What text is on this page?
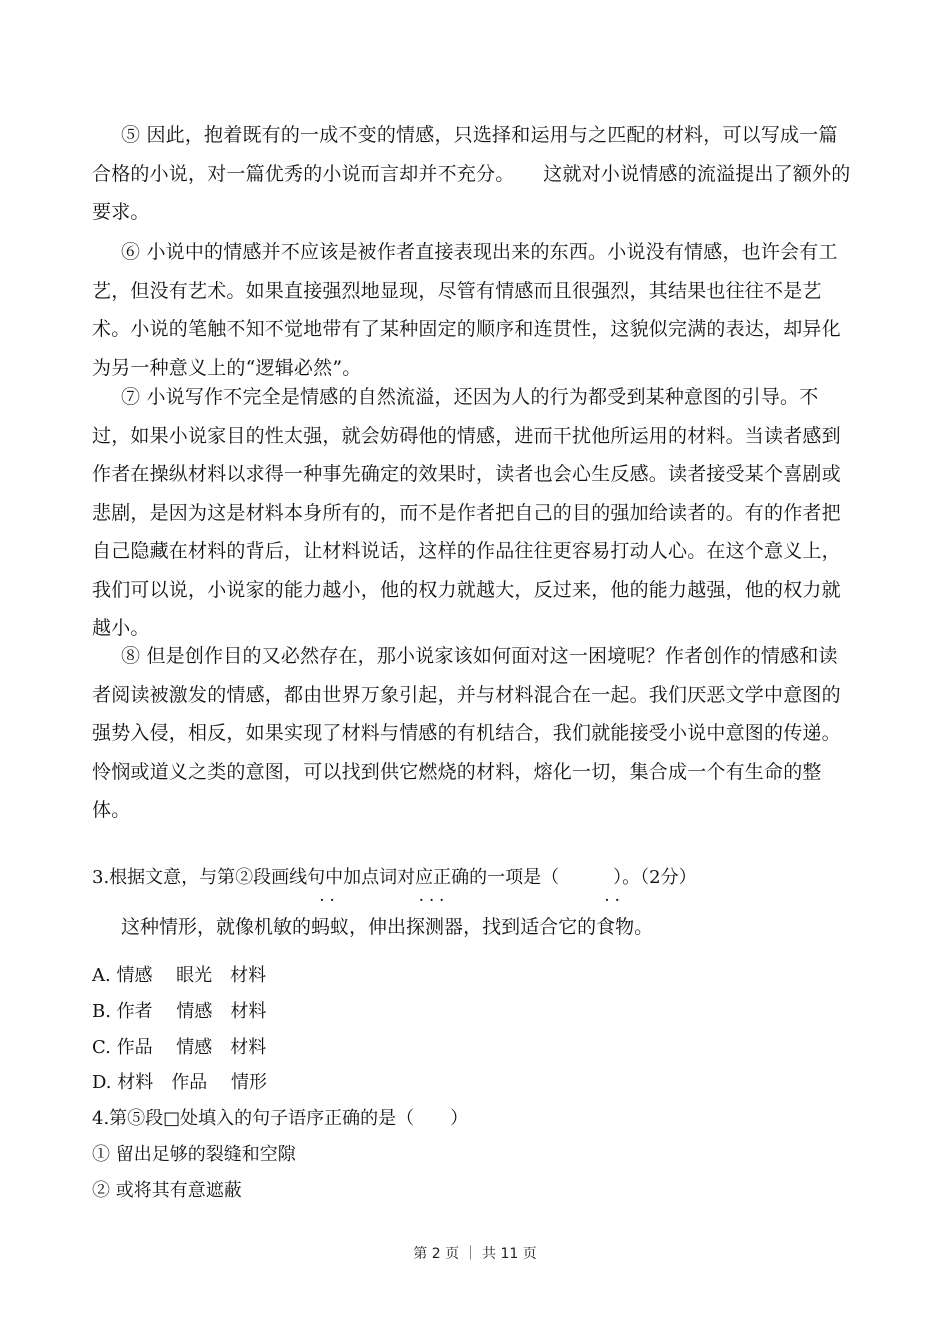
⑤ 因此，抱着既有的一成不变的情感，只选择和运用与之匹配的材料，可以写成一篇合格的小说，对一篇优秀的小说而言却并不充分。　　这就对小说情感的流溢提出了额外的要求。

⑥ 小说中的情感并不应该是被作者直接表现出来的东西。小说没有情感，也许会有工艺，但没有艺术。如果直接强烈地显现，尽管有情感而且很强烈，其结果也往往不是艺术。小说的笔触不知不觉地带有了某种固定的顺序和连贯性，这貌似完满的表达，却异化为另一种意义上的“逻辑必然”。

⑦ 小说写作不完全是情感的自然流溢，还因为人的行为都受到某种意图的引导。不过，如果小说家目的性太强，就会妨碍他的情感，进而干扰他所运用的材料。当读者感到作者在操纵材料以求得一种事先确定的效果时，读者也会心生反感。读者接受某个喜剧或悲剧，是因为这是材料本身所有的，而不是作者把自己的目的强加给读者的。有的作者把自己隐藏在材料的背后，让材料说话，这样的作品往往更容易打动人心。在这个意义上，我们可以说，小说家的能力越小，他的权力就越大，反过来，他的能力越强，他的权力就越小。

⑧ 但是创作目的又必然存在，那小说家该如何面对这一困境呢？作者创作的情感和读者阅读被激发的情感，都由世界万象引起，并与材料混合在一起。我们厌恶文学中意图的强势入侵，相反，如果实现了材料与情感的有机结合，我们就能接受小说中意图的传递。怜悯或道义之类的意图，可以找到供它燃烧的材料，熔化一切，集合成一个有生命的整体。

3.根据文意，与第②段画线句中加点词对应正确的一项是（　　　）。（2分）

这种情形，就像机敏的
··
蚂蚁，伸出
···
探测器，找到适合它的
··
食物。
A. 情感　 眼光　材料
B. 作者　 情感　材料
C. 作品　 情感　材料
D. 材料　作品　 情形
4.第⑤段□处填入的句子语序正确的是（　　）
① 留出足够的裂缝和空隙
② 或将其有意遮蔽
第 2 页 ｜ 共 11 页
